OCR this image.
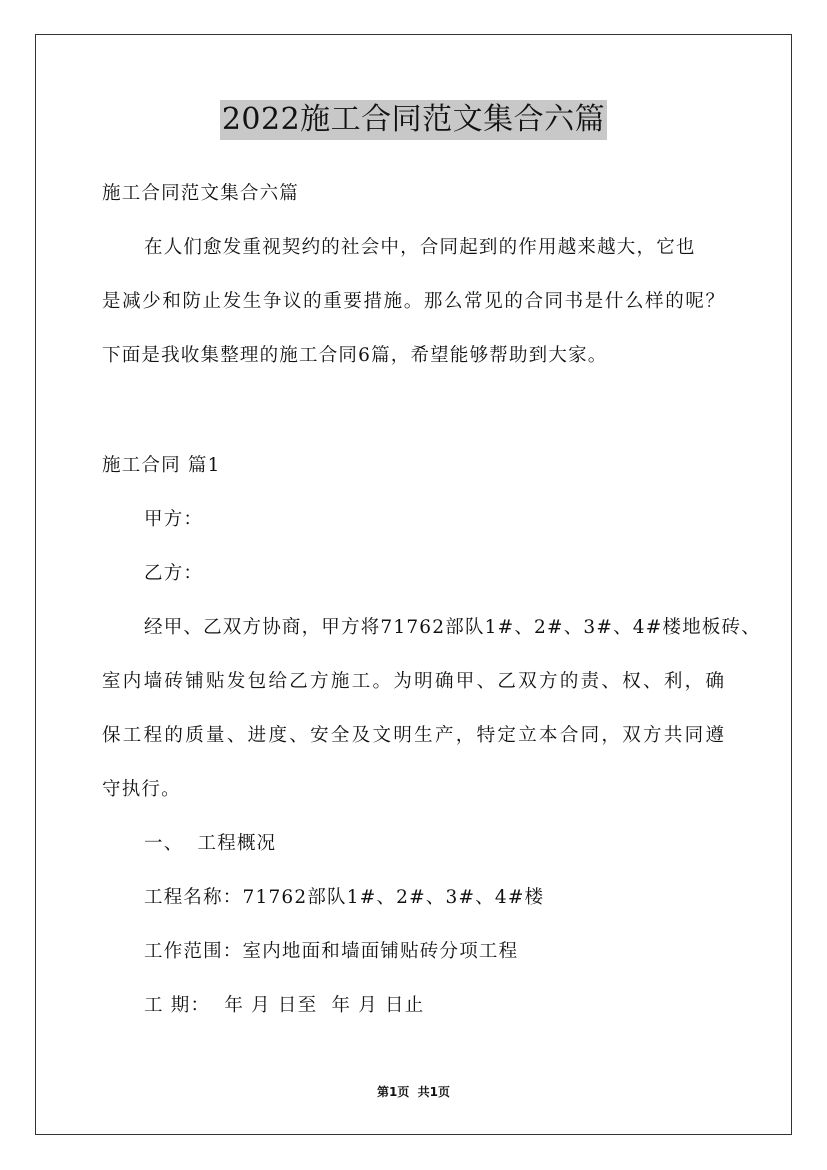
2022施工合同范文集合六篇
施工合同范文集合六篇
在人们愈发重视契约的社会中，合同起到的作用越来越大，它也
是减少和防止发生争议的重要措施。那么常见的合同书是什么样的呢？
下面是我收集整理的施工合同6篇，希望能够帮助到大家。
施工合同 篇1
甲方：
乙方：
经甲、乙双方协商，甲方将71762部队1#、2#、3#、4#楼地板砖、
室内墙砖铺贴发包给乙方施工。为明确甲、乙双方的责、权、利，确
保工程的质量、进度、安全及文明生产，特定立本合同，双方共同遵
守执行。
一、  工程概况
工程名称：71762部队1#、2#、3#、4#楼
工作范围：室内地面和墙面铺贴砖分项工程
工 期：  年 月 日至  年 月 日止
第1页  共1页
